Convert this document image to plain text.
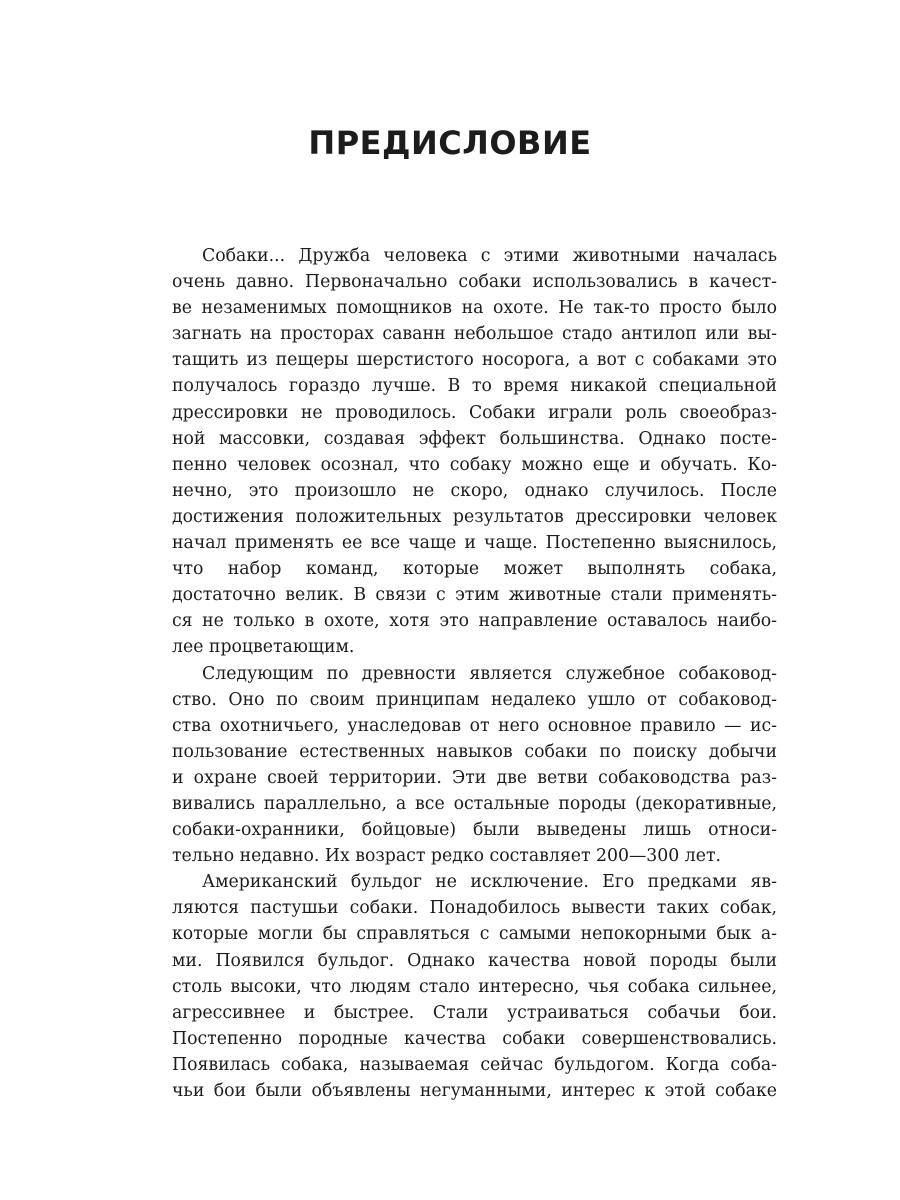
ПРЕДИСЛОВИЕ
Собаки... Дружба человека с этими животными началась
очень давно. Первоначально собаки использовались в качест-
ве незаменимых помощников на охоте. Не так-то просто было
загнать на просторах саванн небольшое стадо антилоп или вы-
тащить из пещеры шерстистого носорога, а вот с собаками это
получалось гораздо лучше. В то время никакой специальной
дрессировки не проводилось. Собаки играли роль своеобраз-
ной массовки, создавая эффект большинства. Однако посте-
пенно человек осознал, что собаку можно еще и обучать. Ко-
нечно, это произошло не скоро, однако случилось. После
достижения положительных результатов дрессировки человек
начал применять ее все чаще и чаще. Постепенно выяснилось,
что набор команд, которые может выполнять собака,
достаточно велик. В связи с этим животные стали применять-
ся не только в охоте, хотя это направление оставалось наибо-
лее процветающим.
Следующим по древности является служебное собаковод-
ство. Оно по своим принципам недалеко ушло от собаковод-
ства охотничьего, унаследовав от него основное правило — ис-
пользование естественных навыков собаки по поиску добычи
и охране своей территории. Эти две ветви собаководства раз-
вивались параллельно, а все остальные породы (декоративные,
собаки-охранники, бойцовые) были выведены лишь относи-
тельно недавно. Их возраст редко составляет 200—300 лет.
Американский бульдог не исключение. Его предками яв-
ляются пастушьи собаки. Понадобилось вывести таких собак,
которые могли бы справляться с самыми непокорными бык а-
ми. Появился бульдог. Однако качества новой породы были
столь высоки, что людям стало интересно, чья собака сильнее,
агрессивнее и быстрее. Стали устраиваться собачьи бои.
Постепенно породные качества собаки совершенствовались.
Появилась собака, называемая сейчас бульдогом. Когда соба-
чьи бои были объявлены негуманными, интерес к этой собаке
